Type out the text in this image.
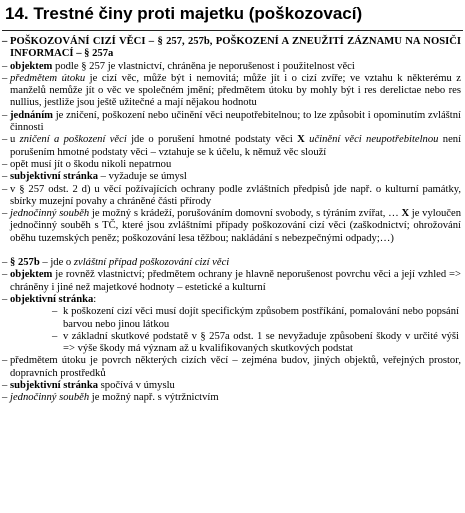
14. Trestné činy proti majetku (poškozovací)
– POŠKOZOVÁNÍ CIZÍ VĚCI – § 257, 257b, POŠKOZENÍ A ZNEUŽITÍ ZÁZNAMU NA NOSIČI INFORMACÍ – § 257a
– objektem podle § 257 je vlastnictví, chráněna je neporušenost i použitelnost věci
– předmětem útoku je cizí věc, může být i nemovitá; může jít i o cizí zvíře; ve vztahu k některému z manželů nemůže jít o věc ve společném jmění; předmětem útoku by mohly být i res derelictae nebo res nullius, jestliže jsou ještě užitečné a mají nějakou hodnotu
– jednáním je zničení, poškození nebo učinění věci neupotřebitelnou; to lze způsobit i opominutím zvláštní činnosti
– u zničení a poškození věci jde o porušení hmotné podstaty věci X učinění věci neupotřebitelnou není porušením hmotné podstaty věci – vztahuje se k účelu, k němuž věc slouží
– opět musí jít o škodu nikoli nepatrnou
– subjektivní stránka – vyžaduje se úmysl
– v § 257 odst. 2 d) u věcí požívajících ochrany podle zvláštních předpisů jde např. o kulturní památky, sbírky muzejní povahy a chráněné části přírody
– jednočinný souběh je možný s krádeží, porušováním domovní svobody, s týráním zvířat, … X je vyloučen jednočinný souběh s TČ, které jsou zvláštními případy poškozování cizí věci (zaškodnictví; ohrožování oběhu tuzemských peněz; poškozování lesa těžbou; nakládání s nebezpečnými odpady;…)
– § 257b – jde o zvláštní případ poškozování cizí věci
– objektem je rovněž vlastnictví; předmětem ochrany je hlavně neporušenost povrchu věci a její vzhled => chráněny i jiné než majetkové hodnoty – estetické a kulturní
– objektivní stránka:
– k poškození cizí věci musí dojít specifickým způsobem postříkání, pomalování nebo popsání barvou nebo jinou látkou
– v základní skutkové podstatě v § 257a odst. 1 se nevyžaduje způsobení škody v určité výši => výše škody má význam až u kvalifikovaných skutkových podstat
– předmětem útoku je povrch některých cizích věcí – zejména budov, jiných objektů, veřejných prostor, dopravních prostředků
– subjektivní stránka spočívá v úmyslu
– jednočinný souběh je možný např. s výtržnictvím
